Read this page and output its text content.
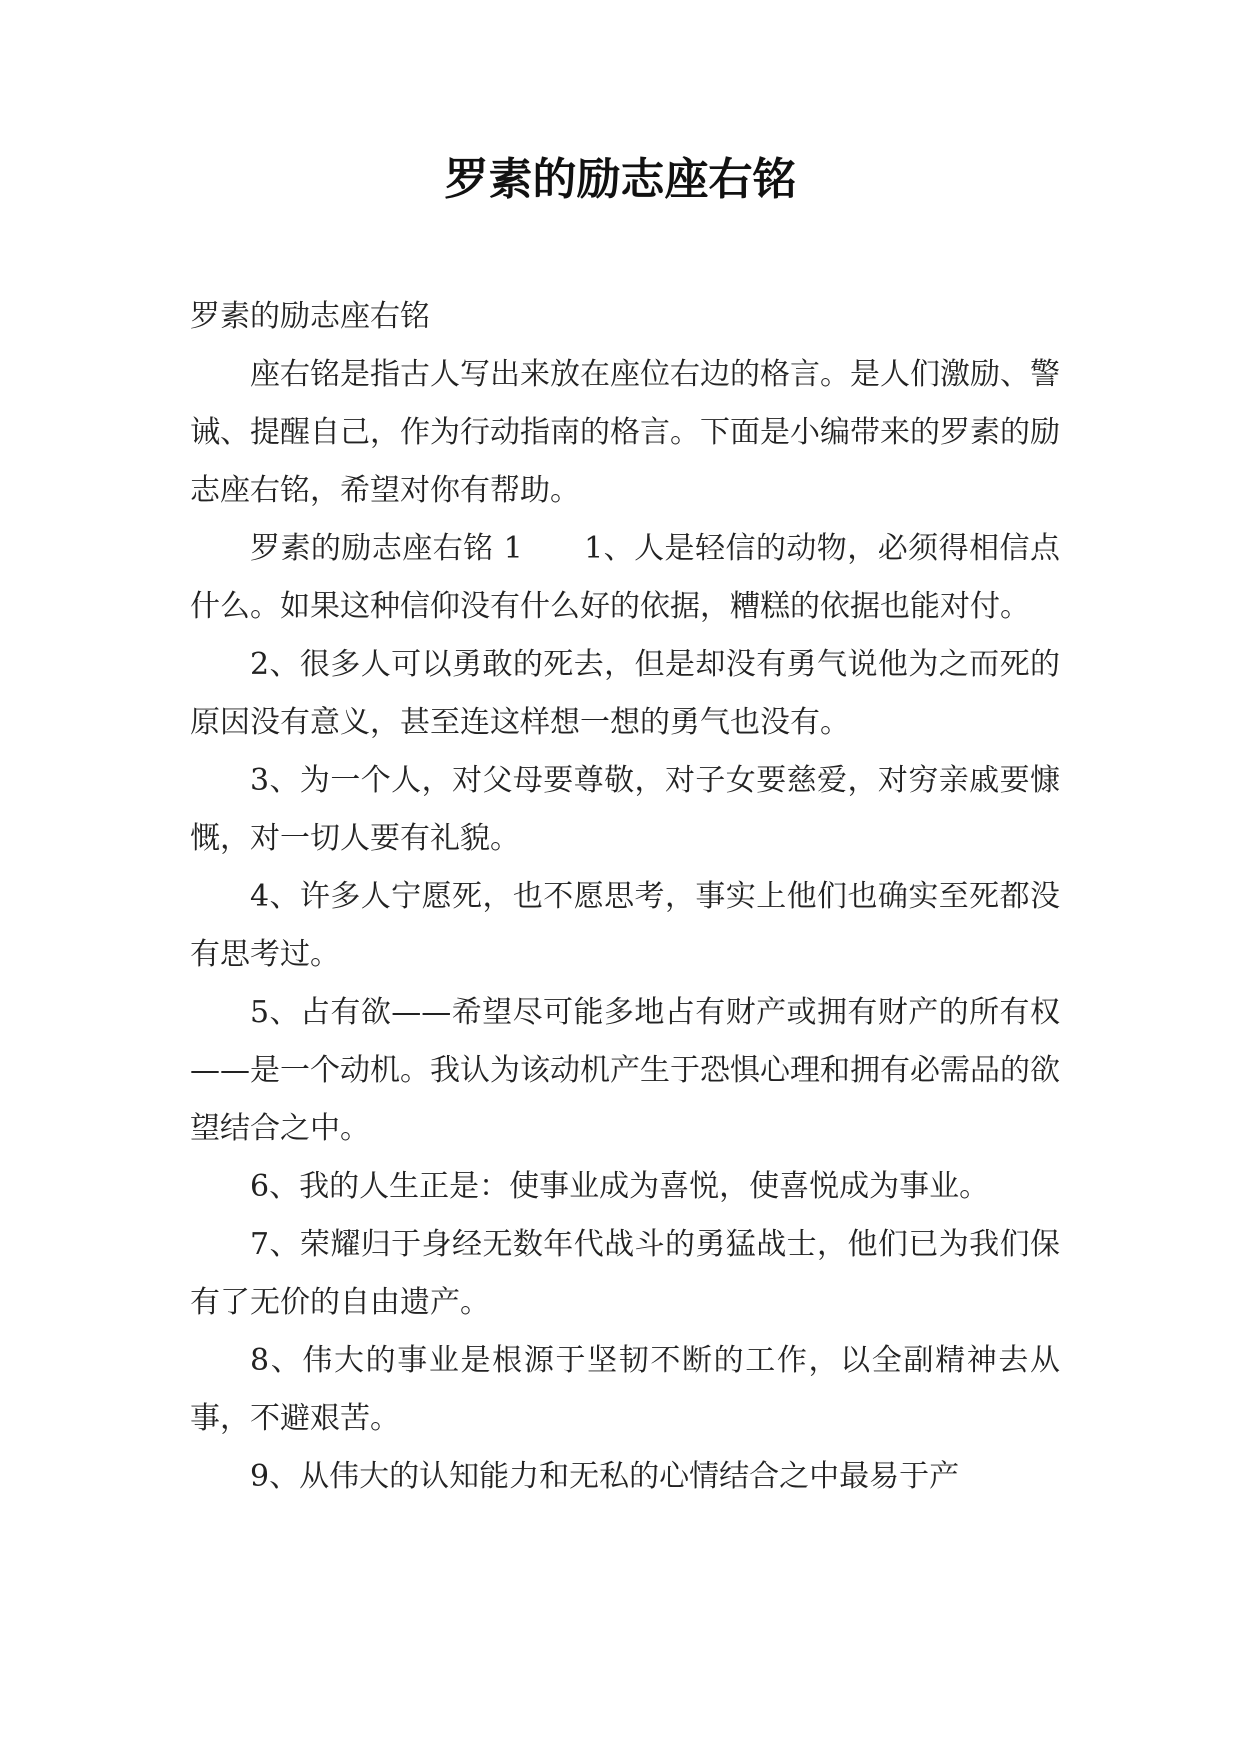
罗素的励志座右铭

罗素的励志座右铭

座右铭是指古人写出来放在座位右边的格言。是人们激励、警诫、提醒自己，作为行动指南的格言。下面是小编带来的罗素的励志座右铭，希望对你有帮助。

罗素的励志座右铭 1　　1、人是轻信的动物，必须得相信点什么。如果这种信仰没有什么好的依据，糟糕的依据也能对付。

2、很多人可以勇敢的死去，但是却没有勇气说他为之而死的原因没有意义，甚至连这样想一想的勇气也没有。

3、为一个人，对父母要尊敬，对子女要慈爱，对穷亲戚要慷慨，对一切人要有礼貌。

4、许多人宁愿死，也不愿思考，事实上他们也确实至死都没有思考过。

5、占有欲——希望尽可能多地占有财产或拥有财产的所有权——是一个动机。我认为该动机产生于恐惧心理和拥有必需品的欲望结合之中。

6、我的人生正是：使事业成为喜悦，使喜悦成为事业。

7、荣耀归于身经无数年代战斗的勇猛战士，他们已为我们保有了无价的自由遗产。

8、伟大的事业是根源于坚韧不断的工作，以全副精神去从事，不避艰苦。

9、从伟大的认知能力和无私的心情结合之中最易于产
